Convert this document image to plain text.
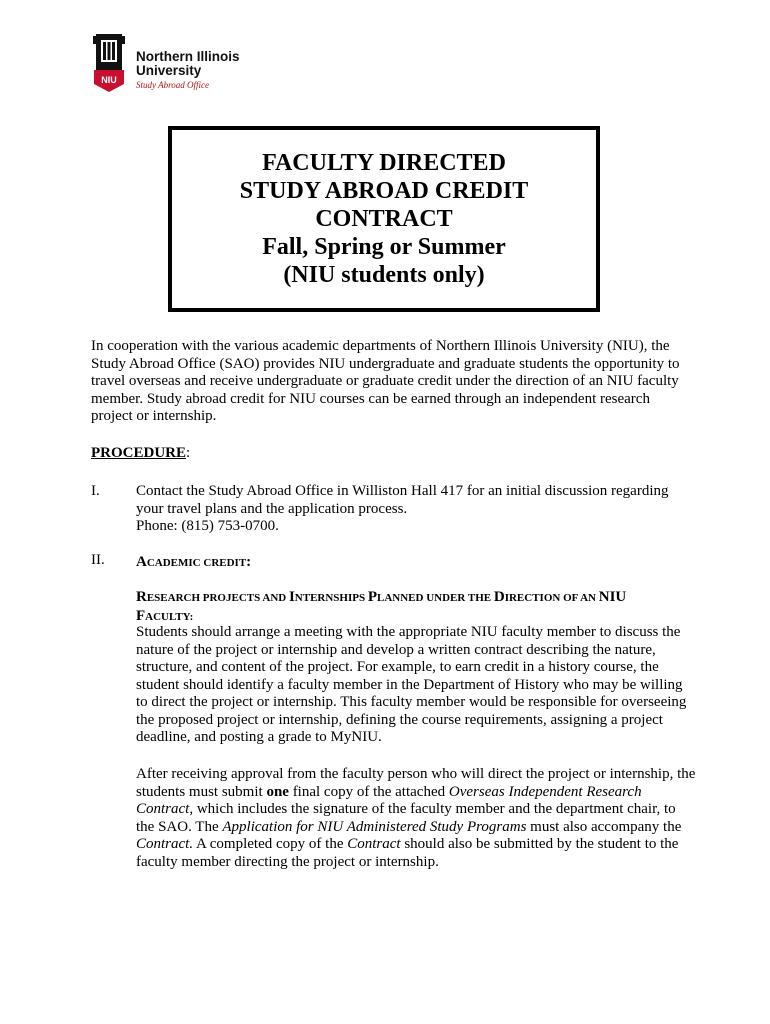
NIU
Northern Illinois
University
Study Abroad Office
FACULTY DIRECTED
STUDY ABROAD CREDIT
CONTRACT
Fall, Spring or Summer
(NIU students only)
In cooperation with the various academic departments of Northern Illinois University (NIU), the Study Abroad Office (SAO) provides NIU undergraduate and graduate students the opportunity to travel overseas and receive undergraduate or graduate credit under the direction of an NIU faculty member. Study abroad credit for NIU courses can be earned through an independent research project or internship.
PROCEDURE:
I. Contact the Study Abroad Office in Williston Hall 417 for an initial discussion regarding your travel plans and the application process.
Phone: (815) 753-0700.
II. ACADEMIC CREDIT:
RESEARCH PROJECTS AND INTERNSHIPS PLANNED UNDER THE DIRECTION OF AN NIU
FACULTY:
Students should arrange a meeting with the appropriate NIU faculty member to discuss the nature of the project or internship and develop a written contract describing the nature, structure, and content of the project. For example, to earn credit in a history course, the student should identify a faculty member in the Department of History who may be willing to direct the project or internship. This faculty member would be responsible for overseeing the proposed project or internship, defining the course requirements, assigning a project deadline, and posting a grade to MyNIU.
After receiving approval from the faculty person who will direct the project or internship, the students must submit one final copy of the attached Overseas Independent Research Contract, which includes the signature of the faculty member and the department chair, to the SAO. The Application for NIU Administered Study Programs must also accompany the Contract. A completed copy of the Contract should also be submitted by the student to the faculty member directing the project or internship.
